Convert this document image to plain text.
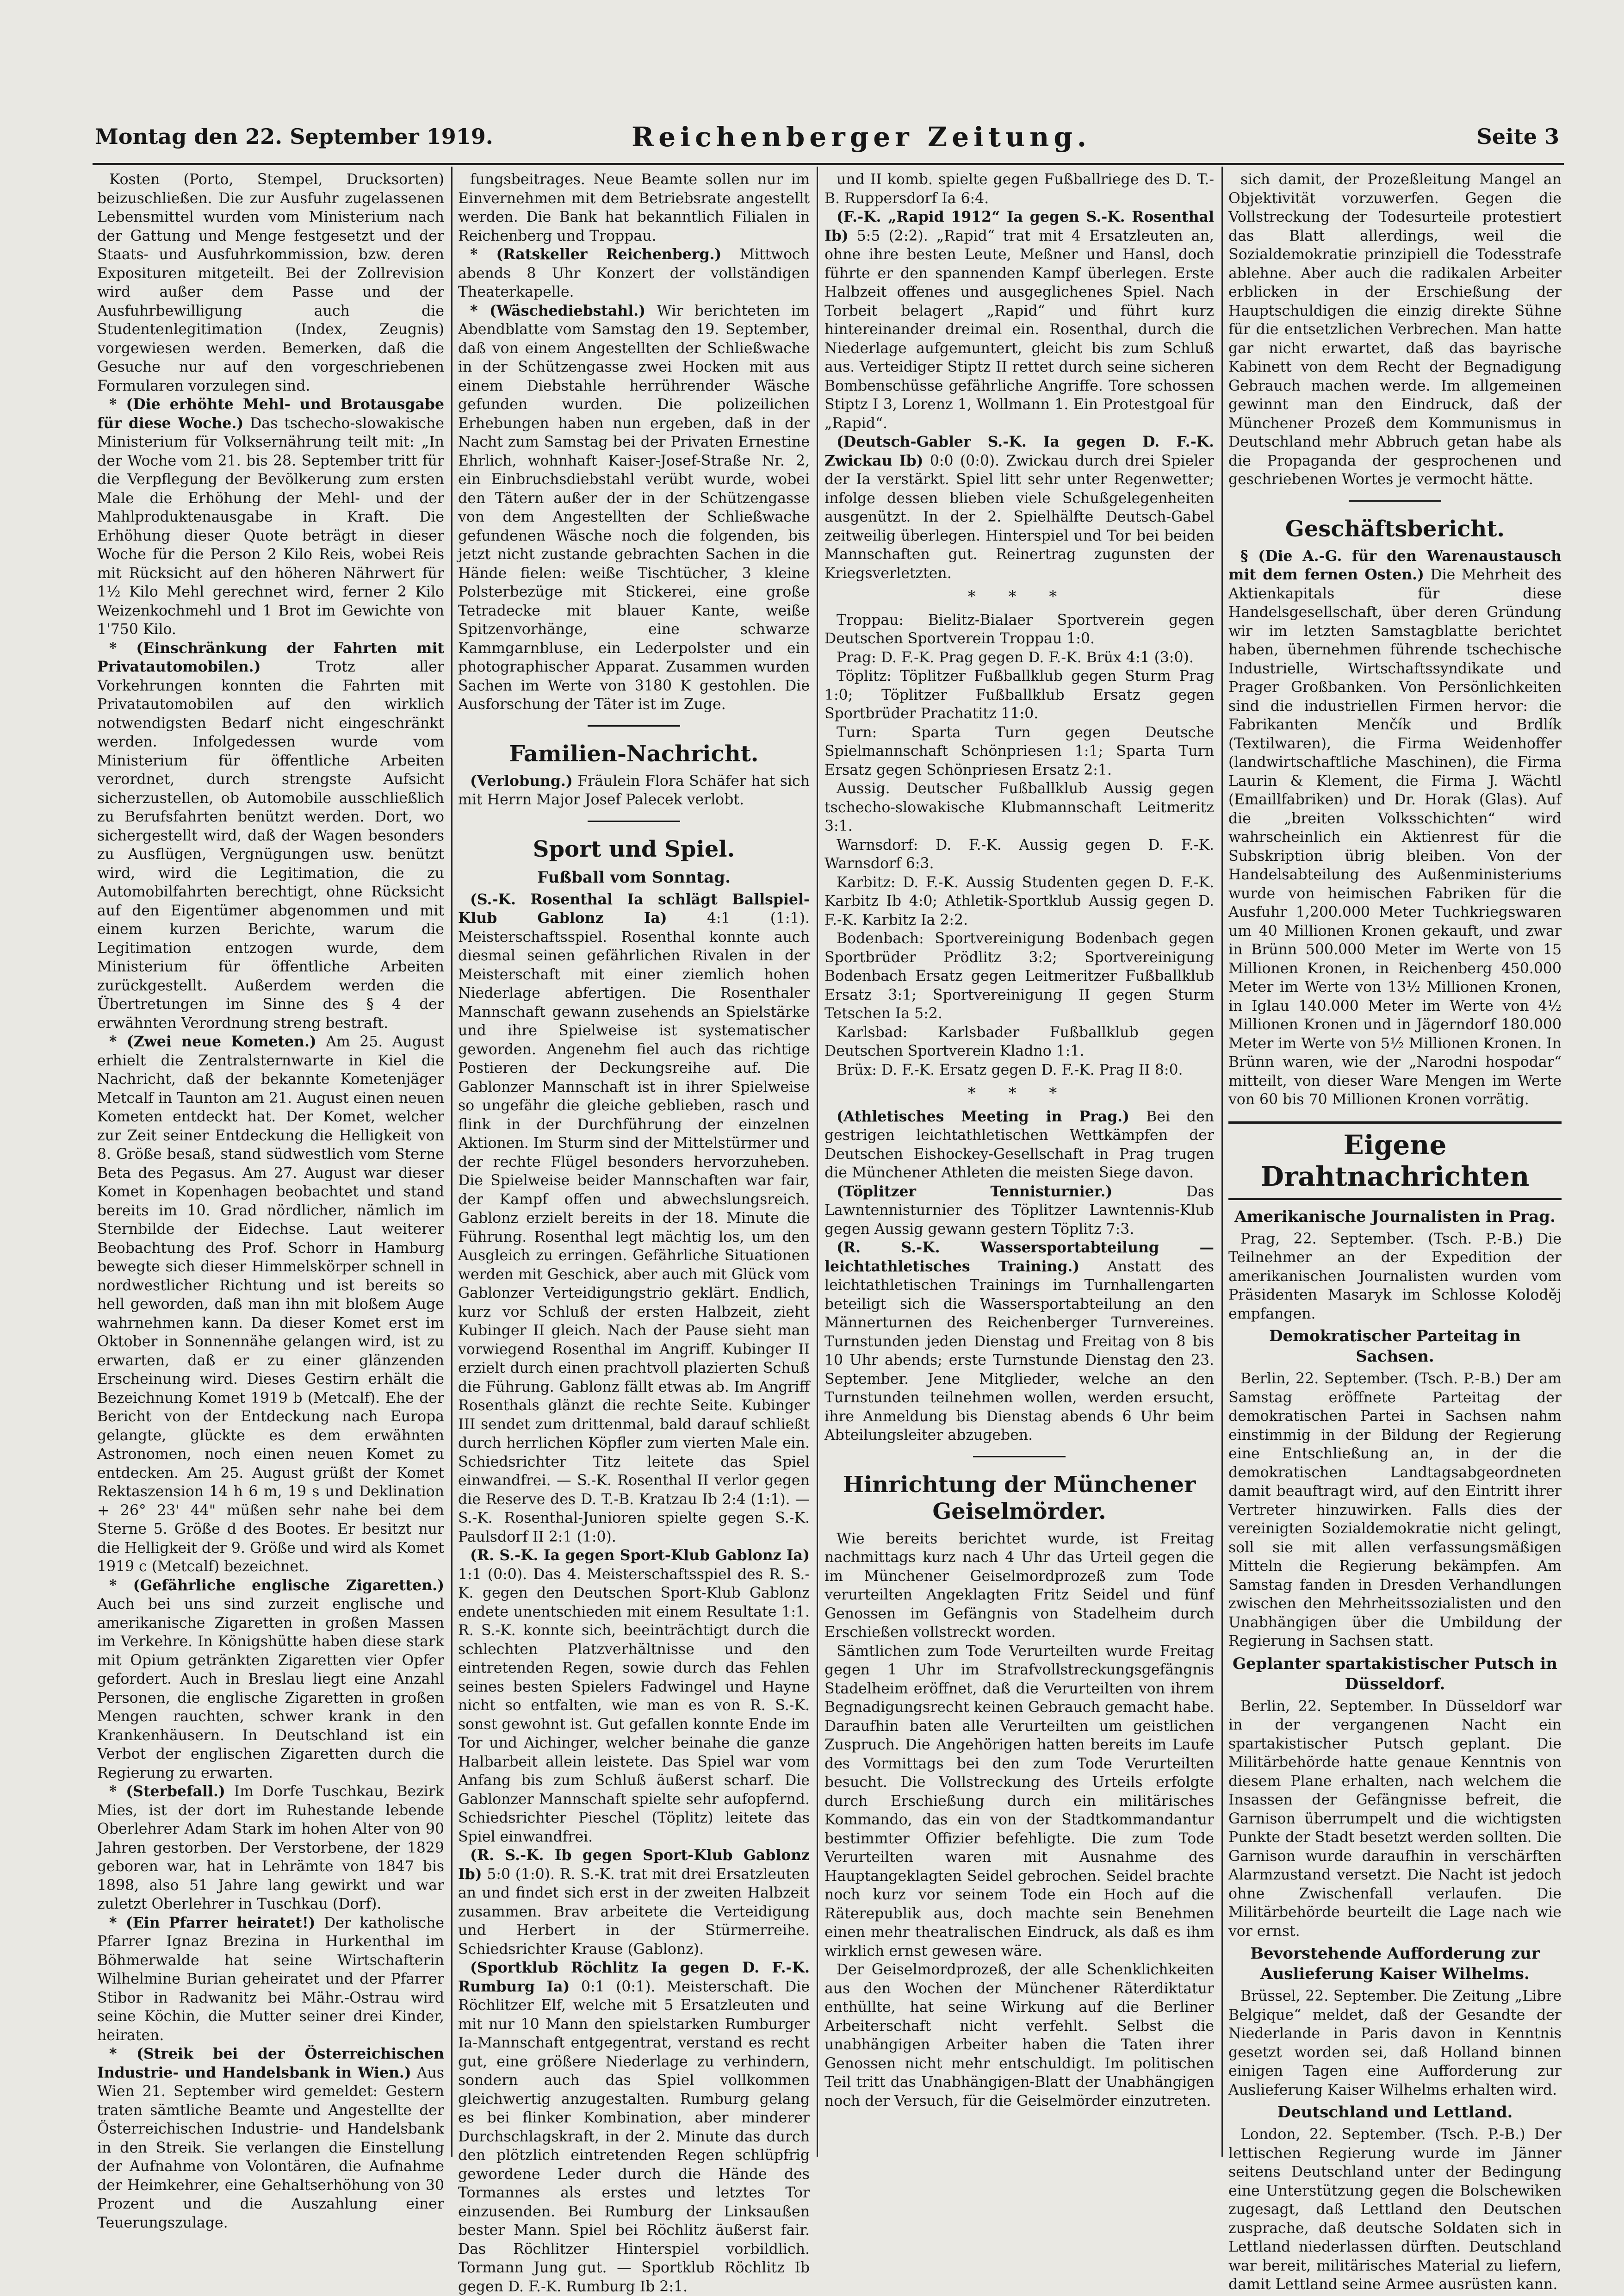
Montag den 22. September 1919.	Reichenberger Zeitung.	Seite 3

Kosten (Porto, Stempel, Drucksorten) beizuschließen. Die zur Ausfuhr zugelassenen Lebensmittel wurden vom Ministerium nach der Gattung und Menge festgesetzt und der Staats- und Ausfuhrkommission, bzw. deren Exposituren mitgeteilt. Bei der Zollrevision wird außer dem Passe und der Ausfuhrbewilligung auch die Studentenlegitimation (Index, Zeugnis) vorgewiesen werden. Bemerken, daß die Gesuche nur auf den vorgeschriebenen Formularen vorzulegen sind.

* (Die erhöhte Mehl- und Brotausgabe für diese Woche.) Das tschecho-slowakische Ministerium für Volksernährung teilt mit: „In der Woche vom 21. bis 28. September tritt für die Verpflegung der Bevölkerung zum ersten Male die Erhöhung der Mehl- und der Mahlproduktenausgabe in Kraft. Die Erhöhung dieser Quote beträgt in dieser Woche für die Person 2 Kilo Reis, wobei Reis mit Rücksicht auf den höheren Nährwert für 1½ Kilo Mehl gerechnet wird, ferner 2 Kilo Weizenkochmehl und 1 Brot im Gewichte von 1'750 Kilo.

* (Einschränkung der Fahrten mit Privatautomobilen.)	Trotz aller Vorkehrungen konnten die Fahrten mit Privatautomobilen auf den wirklich notwendigsten Bedarf nicht eingeschränkt werden. Infolgedessen wurde vom Ministerium für öffentliche Arbeiten verordnet, durch strengste Aufsicht sicherzustellen, ob Automobile ausschließlich zu Berufsfahrten benützt werden. Dort, wo sichergestellt wird, daß der Wagen besonders zu Ausflügen, Vergnügungen usw. benützt wird, wird die Legitimation, die zu Automobilfahrten berechtigt, ohne Rücksicht auf den Eigentümer abgenommen und mit einem kurzen Berichte, warum die Legitimation entzogen wurde, dem Ministerium für öffentliche Arbeiten zurückgestellt. Außerdem werden die Übertretungen im Sinne des § 4 der erwähnten Verordnung streng bestraft.

* (Zwei neue Kometen.) Am 25. August erhielt die Zentralsternwarte in Kiel die Nachricht, daß der bekannte Kometenjäger Metcalf in Taunton am 21. August einen neuen Kometen entdeckt hat. Der Komet, welcher zur Zeit seiner Entdeckung die Helligkeit von 8. Größe besaß, stand südwestlich vom Sterne Beta des Pegasus. Am 27. August war dieser Komet in Kopenhagen beobachtet und stand bereits im 10. Grad nördlicher, nämlich im Sternbilde der Eidechse. Laut weiterer Beobachtung des Prof. Schorr in Hamburg bewegte sich dieser Himmelskörper schnell in nordwestlicher Richtung und ist bereits so hell geworden, daß man ihn mit bloßem Auge wahrnehmen kann. Da dieser Komet erst im Oktober in Sonnennähe gelangen wird, ist zu erwarten, daß er zu einer glänzenden Erscheinung wird. Dieses Gestirn erhält die Bezeichnung Komet 1919 b (Metcalf). Ehe der Bericht von der Entdeckung nach Europa gelangte, glückte es dem erwähnten Astronomen, noch einen neuen Komet zu entdecken. Am 25. August grüßt der Komet Rektaszension 14 h 6 m, 19 s und Deklination + 26° 23' 44" müßen sehr nahe bei dem Sterne 5. Größe d des Bootes. Er besitzt nur die Helligkeit der 9. Größe und wird als Komet 1919 c (Metcalf) bezeichnet.

* (Gefährliche englische Zigaretten.) Auch bei uns sind zurzeit englische und amerikanische Zigaretten in großen Massen im Verkehre. In Königshütte haben diese stark mit Opium getränkten Zigaretten vier Opfer gefordert. Auch in Breslau liegt eine Anzahl Personen, die englische Zigaretten in großen Mengen rauchten, schwer krank in den Krankenhäusern. In Deutschland ist ein Verbot der englischen Zigaretten durch die Regierung zu erwarten.

* (Sterbefall.) Im Dorfe Tuschkau, Bezirk Mies, ist der dort im Ruhestande lebende Oberlehrer Adam Stark im hohen Alter von 90 Jahren gestorben. Der Verstorbene, der 1829 geboren war, hat in Lehrämte von 1847 bis 1898, also 51 Jahre lang gewirkt und war zuletzt Oberlehrer in Tuschkau (Dorf).

* (Ein Pfarrer heiratet!) Der katholische Pfarrer Ignaz Brezina in Hurkenthal im Böhmerwalde hat seine Wirtschafterin Wilhelmine Burian geheiratet und der Pfarrer Stibor in Radwanitz bei Mähr.-Ostrau wird seine Köchin, die Mutter seiner drei Kinder, heiraten.

* (Streik bei der Österreichischen Industrie- und Handelsbank in Wien.) Aus Wien 21. September wird gemeldet: Gestern traten sämtliche Beamte und Angestellte der Österreichischen Industrie- und Handelsbank in den Streik. Sie verlangen die Einstellung der Aufnahme von Volontären, die Aufnahme der Heimkehrer, eine Gehaltserhöhung von 30 Prozent und die Auszahlung einer Teuerungszulage.

fungsbeitrages. Neue Beamte sollen nur im Einvernehmen mit dem Betriebsrate angestellt werden. Die Bank hat bekanntlich Filialen in Reichenberg und Troppau.

* (Ratskeller Reichenberg.) Mittwoch abends 8 Uhr Konzert der vollständigen Theaterkapelle.

* (Wäschediebstahl.) Wir berichteten im Abendblatte vom Samstag den 19. September, daß von einem Angestellten der Schließwache in der Schützengasse zwei Hocken mit aus einem Diebstahle herrührender Wäsche gefunden wurden. Die polizeilichen Erhebungen haben nun ergeben, daß in der Nacht zum Samstag bei der Privaten Ernestine Ehrlich, wohnhaft Kaiser-Josef-Straße Nr. 2, ein Einbruchsdiebstahl verübt wurde, wobei den Tätern außer der in der Schützengasse von dem Angestellten der Schließwache gefundenen Wäsche noch die folgenden, bis jetzt nicht zustande gebrachten Sachen in die Hände fielen: weiße Tischtücher, 3 kleine Polsterbezüge mit Stickerei, eine große Tetradecke mit blauer Kante, weiße Spitzenvorhänge, eine schwarze Kammgarnbluse, ein Lederpolster und ein photographischer Apparat. Zusammen wurden Sachen im Werte von 3180 K gestohlen. Die Ausforschung der Täter ist im Zuge.

Familien-Nachricht.

(Verlobung.) Fräulein Flora Schäfer hat sich mit Herrn Major Josef Palecek verlobt.

Sport und Spiel.
Fußball vom Sonntag.

(S.-K. Rosenthal Ia schlägt Ballspiel-Klub Gablonz Ia)	4:1 (1:1). Meisterschaftsspiel. Rosenthal konnte auch diesmal seinen gefährlichen Rivalen in der Meisterschaft mit einer ziemlich hohen Niederlage abfertigen. Die Rosenthaler Mannschaft gewann zusehends an Spielstärke und ihre Spielweise ist systematischer geworden. Angenehm fiel auch das richtige Postieren der Deckungsreihe auf. Die Gablonzer Mannschaft ist in ihrer Spielweise so ungefähr die gleiche geblieben, rasch und flink in der Durchführung der einzelnen Aktionen. Im Sturm sind der Mittelstürmer und der rechte Flügel besonders hervorzuheben. Die Spielweise beider Mannschaften war fair, der Kampf offen und abwechslungsreich. Gablonz erzielt bereits in der 18. Minute die Führung. Rosenthal legt mächtig los, um den Ausgleich zu erringen. Gefährliche Situationen werden mit Geschick, aber auch mit Glück vom Gablonzer Verteidigungstrio geklärt. Endlich, kurz vor Schluß der ersten Halbzeit, zieht Kubinger II gleich. Nach der Pause sieht man vorwiegend Rosenthal im Angriff. Kubinger II erzielt durch einen prachtvoll plazierten Schuß die Führung. Gablonz fällt etwas ab. Im Angriff Rosenthals glänzt die rechte Seite. Kubinger III sendet zum drittenmal, bald darauf schließt durch herrlichen Köpfler zum vierten Male ein. Schiedsrichter Titz leitete das Spiel einwandfrei. — S.-K. Rosenthal II verlor gegen die Reserve des D. T.-B. Kratzau Ib 2:4 (1:1). — S.-K. Rosenthal-Junioren spielte gegen S.-K. Paulsdorf II 2:1 (1:0).

(R. S.-K. Ia gegen Sport-Klub Gablonz Ia) 1:1 (0:0). Das 4. Meisterschaftsspiel des R. S.-K. gegen den Deutschen Sport-Klub Gablonz endete unentschieden mit einem Resultate 1:1. R. S.-K. konnte sich, beeinträchtigt durch die schlechten Platzverhältnisse und den eintretenden Regen, sowie durch das Fehlen seines besten Spielers Fadwingel und Hayne nicht so entfalten, wie man es von R. S.-K. sonst gewohnt ist. Gut gefallen konnte Ende im Tor und Aichinger, welcher beinahe die ganze Halbarbeit allein leistete. Das Spiel war vom Anfang bis zum Schluß äußerst scharf. Die Gablonzer Mannschaft spielte sehr aufopfernd. Schiedsrichter Pieschel (Töplitz) leitete das Spiel einwandfrei.

(R. S.-K. Ib gegen Sport-Klub Gablonz Ib) 5:0 (1:0). R. S.-K. trat mit drei Ersatzleuten an und findet sich erst in der zweiten Halbzeit zusammen. Brav arbeitete die Verteidigung und Herbert in der Stürmerreihe. Schiedsrichter Krause (Gablonz).

(Sportklub Röchlitz Ia gegen D. F.-K. Rumburg Ia) 0:1 (0:1). Meisterschaft. Die Röchlitzer Elf, welche mit 5 Ersatzleuten und mit nur 10 Mann den spielstarken Rumburger Ia-Mannschaft entgegentrat, verstand es recht gut, eine größere Niederlage zu verhindern, sondern auch das Spiel vollkommen gleichwertig anzugestalten. Rumburg gelang es bei flinker Kombination, aber minderer Durchschlagskraft, in der 2. Minute das durch den plötzlich eintretenden Regen schlüpfrig gewordene Leder durch die Hände des Tormannes als erstes und letztes Tor einzusenden. Bei Rumburg der Linksaußen bester Mann. Spiel bei Röchlitz äußerst fair. Das Röchlitzer Hinterspiel vorbildlich. Tormann Jung gut. — Sportklub Röchlitz Ib gegen D. F.-K. Rumburg Ib 2:1.

und II komb. spielte gegen Fußballriege des D. T.-B. Ruppersdorf Ia 6:4.

(F.-K. „Rapid 1912“ Ia gegen S.-K. Rosenthal Ib) 5:5 (2:2). „Rapid“ trat mit 4 Ersatzleuten an, ohne ihre besten Leute, Meßner und Hansl, doch führte er den spannenden Kampf überlegen. Erste Halbzeit offenes und ausgeglichenes Spiel. Nach Torbeit belagert „Rapid“ und führt kurz hintereinander dreimal ein. Rosenthal, durch die Niederlage aufgemuntert, gleicht bis zum Schluß aus. Verteidiger Stiptz II rettet durch seine sicheren Bombenschüsse gefährliche Angriffe. Tore schossen Stiptz I 3, Lorenz 1, Wollmann 1. Ein Protestgoal für „Rapid“.

(Deutsch-Gabler S.-K. Ia gegen D. F.-K. Zwickau Ib) 0:0 (0:0). Zwickau durch drei Spieler der Ia verstärkt. Spiel litt sehr unter Regenwetter; infolge dessen blieben viele Schußgelegenheiten ausgenützt. In der 2. Spielhälfte Deutsch-Gabel zeitweilig überlegen. Hinterspiel und Tor bei beiden Mannschaften gut. Reinertrag zugunsten der Kriegsverletzten.

* * *

Troppau: Bielitz-Bialaer Sportverein gegen Deutschen Sportverein Troppau 1:0.

Prag: D. F.-K. Prag gegen D. F.-K. Brüx 4:1 (3:0).

Töplitz: Töplitzer Fußballklub gegen Sturm Prag 1:0; Töplitzer Fußballklub Ersatz gegen Sportbrüder Prachatitz 11:0.

Turn: Sparta Turn gegen Deutsche Spielmannschaft Schönpriesen 1:1; Sparta Turn Ersatz gegen Schönpriesen Ersatz 2:1.

Aussig. Deutscher Fußballklub Aussig gegen tschecho-slowakische Klubmannschaft Leitmeritz 3:1.

Warnsdorf: D. F.-K. Aussig gegen D. F.-K. Warnsdorf 6:3.

Karbitz: D. F.-K. Aussig Studenten gegen D. F.-K. Karbitz Ib 4:0; Athletik-Sportklub Aussig gegen D. F.-K. Karbitz Ia 2:2.

Bodenbach: Sportvereinigung Bodenbach gegen Sportbrüder Prödlitz 3:2; Sportvereinigung Bodenbach Ersatz gegen Leitmeritzer Fußballklub Ersatz 3:1; Sportvereinigung II gegen Sturm Tetschen Ia 5:2.

Karlsbad: Karlsbader Fußballklub gegen Deutschen Sportverein Kladno 1:1.

Brüx: D. F.-K. Ersatz gegen D. F.-K. Prag II 8:0.

* * *

(Athletisches Meeting in Prag.) Bei den gestrigen leichtathletischen Wettkämpfen der Deutschen Eishockey-Gesellschaft in Prag trugen die Münchener Athleten die meisten Siege davon.

(Töplitzer Tennisturnier.)	Das Lawntennisturnier des Töplitzer Lawntennis-Klub gegen Aussig gewann gestern Töplitz 7:3.

(R. S.-K. Wassersportabteilung — leichtathletisches Training.) Anstatt des leichtathletischen Trainings im Turnhallengarten beteiligt sich die Wassersportabteilung an den Männerturnen des Reichenberger Turnvereines. Turnstunden jeden Dienstag und Freitag von 8 bis 10 Uhr abends; erste Turnstunde Dienstag den 23. September. Jene Mitglieder, welche an den Turnstunden teilnehmen wollen, werden ersucht, ihre Anmeldung bis Dienstag abends 6 Uhr beim Abteilungsleiter abzugeben.

Hinrichtung der Münchener Geiselmörder.

Wie bereits berichtet wurde, ist Freitag nachmittags kurz nach 4 Uhr das Urteil gegen die im Münchener Geiselmordprozeß zum Tode verurteilten Angeklagten Fritz Seidel und fünf Genossen im Gefängnis von Stadelheim durch Erschießen vollstreckt worden.

Sämtlichen zum Tode Verurteilten wurde Freitag gegen 1 Uhr im Strafvollstreckungsgefängnis Stadelheim eröffnet, daß die Verurteilten von ihrem Begnadigungsrecht keinen Gebrauch gemacht habe. Daraufhin baten alle Verurteilten um geistlichen Zuspruch. Die Angehörigen hatten bereits im Laufe des Vormittags bei den zum Tode Verurteilten besucht. Die Vollstreckung des Urteils erfolgte durch Erschießung durch ein militärisches Kommando, das ein von der Stadtkommandantur bestimmter Offizier befehligte. Die zum Tode Verurteilten waren mit Ausnahme des Hauptangeklagten Seidel gebrochen. Seidel brachte noch kurz vor seinem Tode ein Hoch auf die Räterepublik aus, doch machte sein Benehmen einen mehr theatralischen Eindruck, als daß es ihm wirklich ernst gewesen wäre.

Der Geiselmordprozeß, der alle Schenklichkeiten aus den Wochen der Münchener Räterdiktatur enthüllte, hat seine Wirkung auf die Berliner Arbeiterschaft nicht verfehlt. Selbst die unabhängigen Arbeiter haben die Taten ihrer Genossen nicht mehr entschuldigt. Im politischen Teil tritt das Unabhängigen-Blatt der Unabhängigen noch der Versuch, für die Geiselmörder einzutreten.

sich damit, der Prozeßleitung Mangel an Objektivität vorzuwerfen. Gegen die Vollstreckung der Todesurteile protestiert das Blatt allerdings, weil die Sozialdemokratie prinzipiell die Todesstrafe ablehne. Aber auch die radikalen Arbeiter erblicken in der Erschießung der Hauptschuldigen die einzig direkte Sühne für die entsetzlichen Verbrechen. Man hatte gar nicht erwartet, daß das bayrische Kabinett von dem Recht der Begnadigung Gebrauch machen werde. Im allgemeinen gewinnt man den Eindruck, daß der Münchener Prozeß dem Kommunismus in Deutschland mehr Abbruch getan habe als die Propaganda der gesprochenen und geschriebenen Wortes je vermocht hätte.

Geschäftsbericht.

§ (Die A.-G. für den Warenaustausch mit dem fernen Osten.) Die Mehrheit des Aktienkapitals für diese Handelsgesellschaft, über deren Gründung wir im letzten Samstagblatte berichtet haben, übernehmen führende tschechische Industrielle, Wirtschaftssyndikate und Prager Großbanken. Von Persönlichkeiten sind die industriellen Firmen hervor: die Fabrikanten Menčík und Brdlík (Textilwaren), die Firma Weidenhoffer (landwirtschaftliche Maschinen), die Firma Laurin & Klement, die Firma J. Wächtl (Emaillfabriken) und Dr. Horak (Glas). Auf die „breiten Volksschichten“ wird wahrscheinlich ein Aktienrest für die Subskription übrig bleiben. Von der Handelsabteilung des Außenministeriums wurde von heimischen Fabriken für die Ausfuhr 1,200.000 Meter Tuchkriegswaren um 40 Millionen Kronen gekauft, und zwar in Brünn 500.000 Meter im Werte von 15 Millionen Kronen, in Reichenberg 450.000 Meter im Werte von 13½ Millionen Kronen, in Iglau 140.000 Meter im Werte von 4½ Millionen Kronen und in Jägerndorf 180.000 Meter im Werte von 5½ Millionen Kronen. In Brünn waren, wie der „Narodni hospodar“ mitteilt, von dieser Ware Mengen im Werte von 60 bis 70 Millionen Kronen vorrätig.

Eigene Drahtnachrichten
Amerikanische Journalisten in Prag.

Prag, 22. September. (Tsch. P.-B.) Die Teilnehmer an der Expedition der amerikanischen Journalisten wurden vom Präsidenten Masaryk im Schlosse Koloděj empfangen.

Demokratischer Parteitag in Sachsen.

Berlin, 22. September. (Tsch. P.-B.) Der am Samstag eröffnete Parteitag der demokratischen Partei in Sachsen nahm einstimmig in der Bildung der Regierung eine Entschließung an, in der die demokratischen Landtagsabgeordneten damit beauftragt wird, auf den Eintritt ihrer Vertreter hinzuwirken. Falls dies der vereinigten Sozialdemokratie nicht gelingt, soll sie mit allen verfassungsmäßigen Mitteln die Regierung bekämpfen. Am Samstag fanden in Dresden Verhandlungen zwischen den Mehrheitssozialisten und den Unabhängigen über die Umbildung der Regierung in Sachsen statt.

Geplanter spartakistischer Putsch in Düsseldorf.

Berlin, 22. September. In Düsseldorf war in der vergangenen Nacht ein spartakistischer Putsch geplant. Die Militärbehörde hatte genaue Kenntnis von diesem Plane erhalten, nach welchem die Insassen der Gefängnisse befreit, die Garnison überrumpelt und die wichtigsten Punkte der Stadt besetzt werden sollten. Die Garnison wurde daraufhin in verschärften Alarmzustand versetzt. Die Nacht ist jedoch ohne Zwischenfall verlaufen. Die Militärbehörde beurteilt die Lage nach wie vor ernst.

Bevorstehende Aufforderung zur Auslieferung Kaiser Wilhelms.

Brüssel, 22. September. Die Zeitung „Libre Belgique“ meldet, daß der Gesandte der Niederlande in Paris davon in Kenntnis gesetzt worden sei, daß Holland binnen einigen Tagen eine Aufforderung zur Auslieferung Kaiser Wilhelms erhalten wird.

Deutschland und Lettland.

London, 22. September. (Tsch. P.-B.) Der lettischen Regierung wurde im Jänner seitens Deutschland unter der Bedingung eine Unterstützung gegen die Bolschewiken zugesagt, daß Lettland den Deutschen zusprache, daß deutsche Soldaten sich in Lettland niederlassen dürften. Deutschland war bereit, militärisches Material zu liefern, damit Lettland seine Armee ausrüsten kann.
